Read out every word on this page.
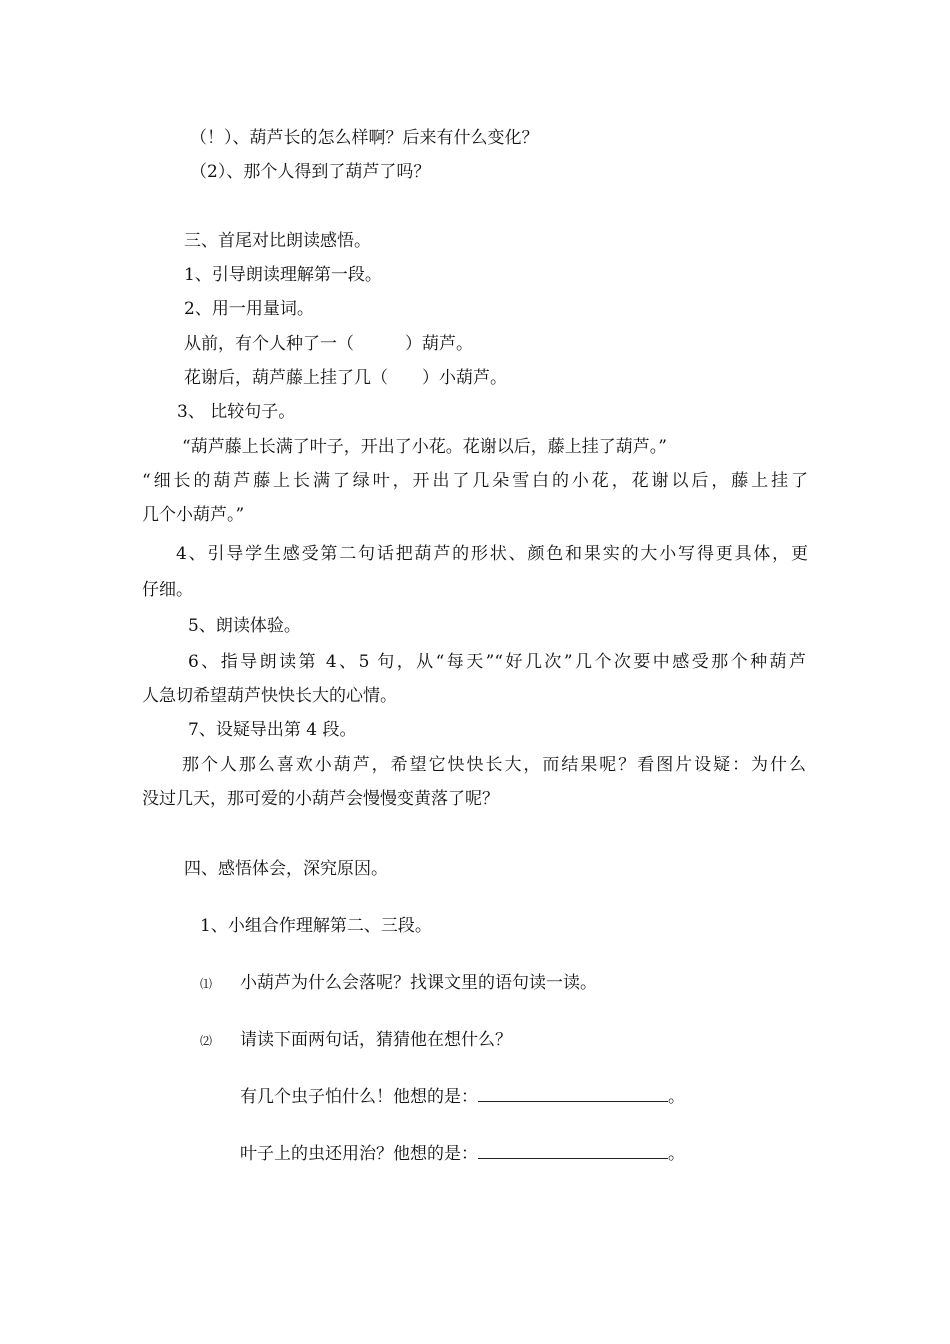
（！）、葫芦长的怎么样啊？后来有什么变化？
（2）、那个人得到了葫芦了吗？
三、首尾对比朗读感悟。
1、引导朗读理解第一段。
2、用一用量词。
从前，有个人种了一（　　　）葫芦。
花谢后，葫芦藤上挂了几（　　）小葫芦。
3、 比较句子。
“葫芦藤上长满了叶子，开出了小花。花谢以后，藤上挂了葫芦。”
“细长的葫芦藤上长满了绿叶，开出了几朵雪白的小花，花谢以后，藤上挂了
几个小葫芦。”
4、引导学生感受第二句话把葫芦的形状、颜色和果实的大小写得更具体，更
仔细。
5、朗读体验。
6、指导朗读第 4、5 句，从“每天”“好几次”几个次要中感受那个种葫芦
人急切希望葫芦快快长大的心情。
7、设疑导出第 4 段。
那个人那么喜欢小葫芦，希望它快快长大，而结果呢？看图片设疑：为什么
没过几天，那可爱的小葫芦会慢慢变黄落了呢？
四、感悟体会，深究原因。
1、小组合作理解第二、三段。
⑴ 小葫芦为什么会落呢？找课文里的语句读一读。
⑵ 请读下面两句话，猜猜他在想什么？
有几个虫子怕什么！他想的是：	。
叶子上的虫还用治？他想的是：	。
